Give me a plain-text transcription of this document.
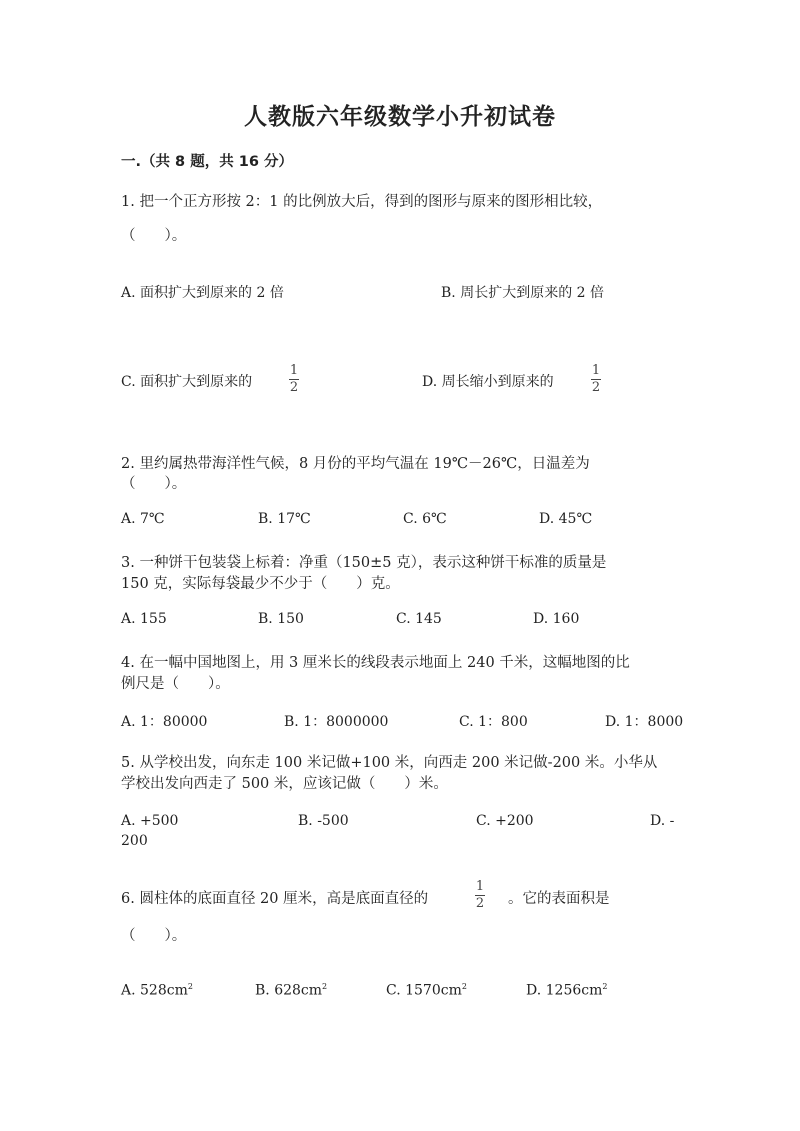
人教版六年级数学小升初试卷
一.（共 8 题，共 16 分）
1. 把一个正方形按 2：1 的比例放大后，得到的图形与原来的图形相比较，
（　　）。
A. 面积扩大到原来的 2 倍	B. 周长扩大到原来的 2 倍
C. 面积扩大到原来的
1
2	D. 周长缩小到原来的
1
2
2. 里约属热带海洋性气候，8 月份的平均气温在 19℃－26℃，日温差为
（　　）。
A. 7℃	B. 17℃	C. 6℃	D. 45℃
3. 一种饼干包装袋上标着：净重（150±5 克），表示这种饼干标准的质量是
150 克，实际每袋最少不少于（　　）克。
A. 155	B. 150	C. 145	D. 160
4. 在一幅中国地图上，用 3 厘米长的线段表示地面上 240 千米，这幅地图的比
例尺是（　　）。
A. 1：80000	B. 1：8000000	C. 1：800	D. 1：8000
5. 从学校出发，向东走 100 米记做+100 米，向西走 200 米记做-200 米。小华从
学校出发向西走了 500 米，应该记做（　　）米。
A. +500	B. -500	C. +200	D. -
200
6. 圆柱体的底面直径 20 厘米，高是底面直径的
1
2 。它的表面积是
（　　）。
A. $528cm^2$	B. $628cm^2$	C. $1570cm^2$	D. $1256cm^2$
